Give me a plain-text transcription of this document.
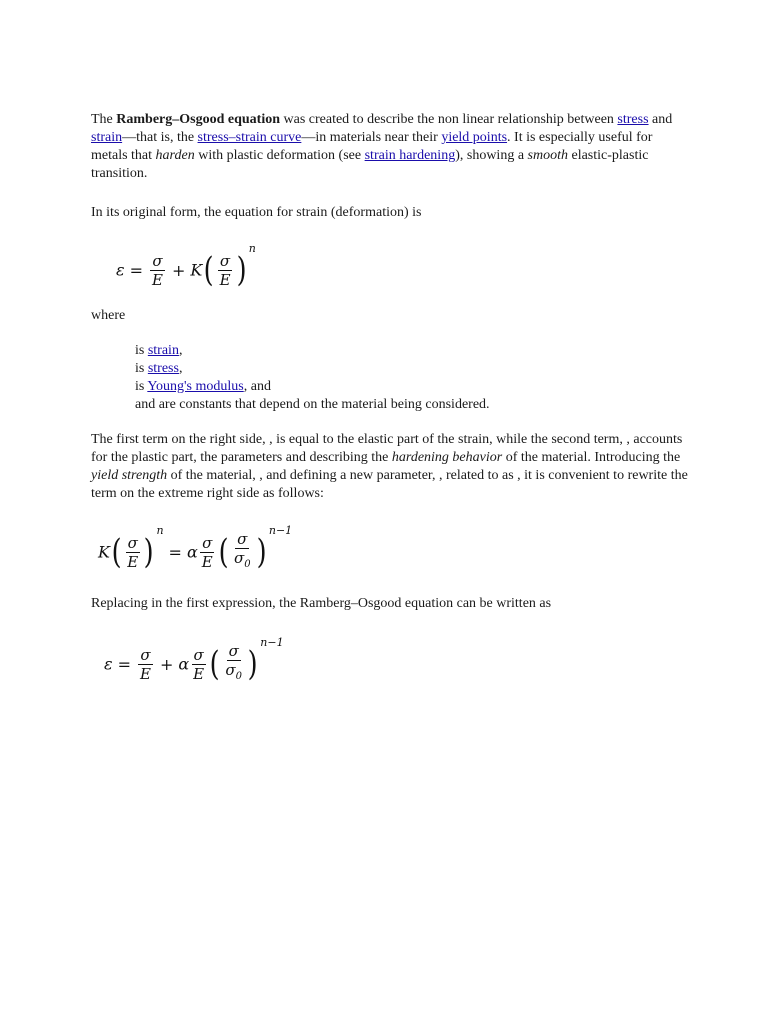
The Ramberg–Osgood equation was created to describe the non linear relationship between stress and strain—that is, the stress–strain curve—in materials near their yield points. It is especially useful for metals that harden with plastic deformation (see strain hardening), showing a smooth elastic-plastic transition.

In its original form, the equation for strain (deformation) is

where

is strain,

is stress,

is Young's modulus, and

and are constants that depend on the material being considered.

The first term on the right side, , is equal to the elastic part of the strain, while the second term, , accounts for the plastic part, the parameters and describing the hardening behavior of the material. Introducing the yield strength of the material, , and defining a new parameter, , related to as , it is convenient to rewrite the term on the extreme right side as follows:

Replacing in the first expression, the Ramberg–Osgood equation can be written as

$\varepsilon = \frac{\sigma}{E} + K( \frac{\sigma}{E} )^n$
$K( \frac{\sigma}{E} )^n= \alpha \frac{\sigma}{E}$ ( $\frac{\sigma}{\sigma_0} )^{n-1}$
$\varepsilon = \frac{\sigma}{E} + \alpha \frac{\sigma}{E}$ ( $\frac{\sigma}{\sigma_0} )^{n-1}$
